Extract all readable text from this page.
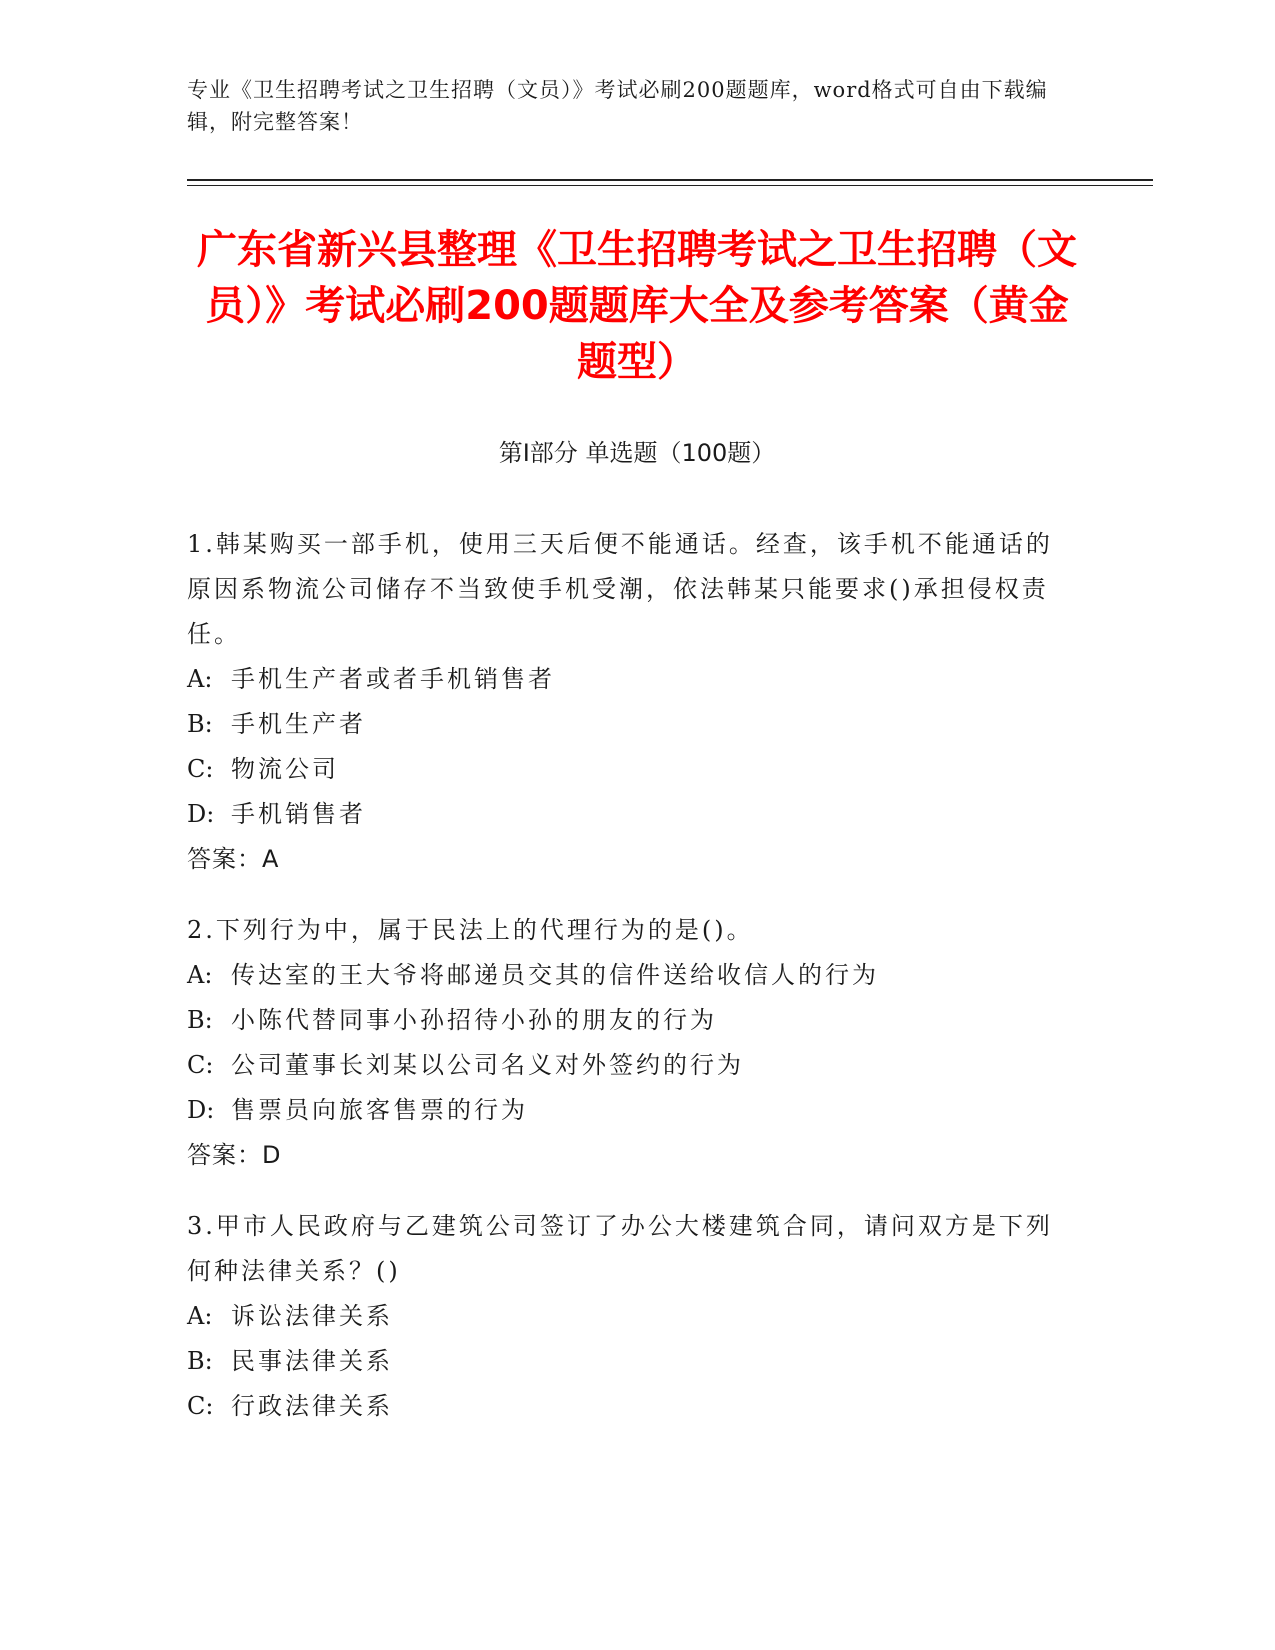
专业《卫生招聘考试之卫生招聘（文员）》考试必刷200题题库，word格式可自由下载编辑，附完整答案！
广东省新兴县整理《卫生招聘考试之卫生招聘（文员）》考试必刷200题题库大全及参考答案（黄金题型）
第Ⅰ部分 单选题（100题）
1.韩某购买一部手机，使用三天后便不能通话。经查，该手机不能通话的原因系物流公司储存不当致使手机受潮，依法韩某只能要求()承担侵权责任。
A: 手机生产者或者手机销售者
B: 手机生产者
C: 物流公司
D: 手机销售者
答案：A
2.下列行为中，属于民法上的代理行为的是()。
A: 传达室的王大爷将邮递员交其的信件送给收信人的行为
B: 小陈代替同事小孙招待小孙的朋友的行为
C: 公司董事长刘某以公司名义对外签约的行为
D: 售票员向旅客售票的行为
答案：D
3.甲市人民政府与乙建筑公司签订了办公大楼建筑合同，请问双方是下列何种法律关系？()
A: 诉讼法律关系
B: 民事法律关系
C: 行政法律关系
